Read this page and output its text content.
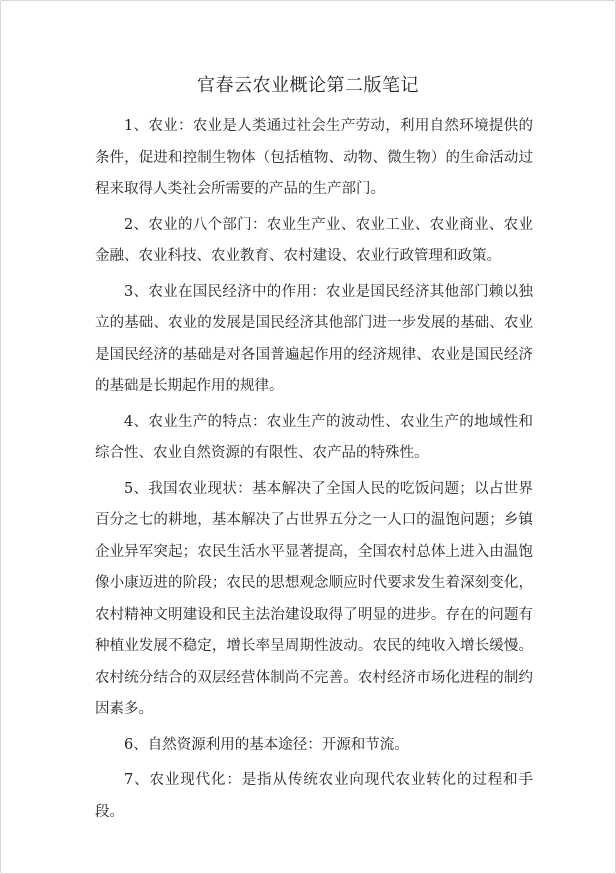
官春云农业概论第二版笔记

1、农业：农业是人类通过社会生产劳动，利用自然环境提供的条件，促进和控制生物体（包括植物、动物、微生物）的生命活动过程来取得人类社会所需要的产品的生产部门。

2、农业的八个部门：农业生产业、农业工业、农业商业、农业金融、农业科技、农业教育、农村建设、农业行政管理和政策。

3、农业在国民经济中的作用：农业是国民经济其他部门赖以独立的基础、农业的发展是国民经济其他部门进一步发展的基础、农业是国民经济的基础是对各国普遍起作用的经济规律、农业是国民经济的基础是长期起作用的规律。

4、农业生产的特点：农业生产的波动性、农业生产的地域性和综合性、农业自然资源的有限性、农产品的特殊性。

5、我国农业现状：基本解决了全国人民的吃饭问题；以占世界百分之七的耕地，基本解决了占世界五分之一人口的温饱问题；乡镇企业异军突起；农民生活水平显著提高，全国农村总体上进入由温饱像小康迈进的阶段；农民的思想观念顺应时代要求发生着深刻变化，农村精神文明建设和民主法治建设取得了明显的进步。存在的问题有种植业发展不稳定，增长率呈周期性波动。农民的纯收入增长缓慢。农村统分结合的双层经营体制尚不完善。农村经济市场化进程的制约因素多。

6、自然资源利用的基本途径：开源和节流。

7、农业现代化：是指从传统农业向现代农业转化的过程和手段。
